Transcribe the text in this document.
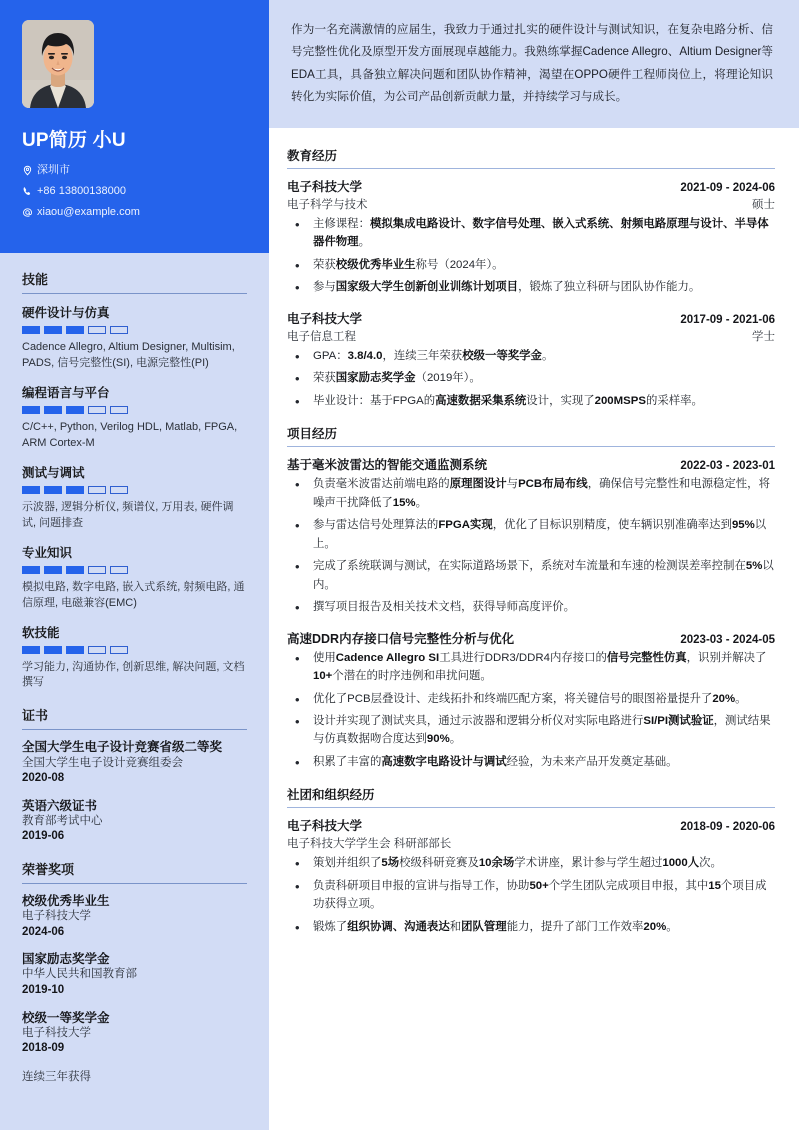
UP简历 小U
深圳市
+86 13800138000
xiaou@example.com
技能
硬件设计与仿真
Cadence Allegro, Altium Designer, Multisim, PADS, 信号完整性(SI), 电源完整性(PI)
编程语言与平台
C/C++, Python, Verilog HDL, Matlab, FPGA, ARM Cortex-M
测试与调试
示波器, 逻辑分析仪, 频谱仪, 万用表, 硬件调试, 问题排查
专业知识
模拟电路, 数字电路, 嵌入式系统, 射频电路, 通信原理, 电磁兼容(EMC)
软技能
学习能力, 沟通协作, 创新思维, 解决问题, 文档撰写
证书
全国大学生电子设计竞赛省级二等奖
全国大学生电子设计竞赛组委会
2020-08
英语六级证书
教育部考试中心
2019-06
荣誉奖项
校级优秀毕业生
电子科技大学
2024-06
国家励志奖学金
中华人民共和国教育部
2019-10
校级一等奖学金
电子科技大学
2018-09
连续三年获得
作为一名充满激情的应届生，我致力于通过扎实的硬件设计与测试知识，在复杂电路分析、信号完整性优化及原型开发方面展现卓越能力。我熟练掌握Cadence Allegro、Altium Designer等EDA工具，具备独立解决问题和团队协作精神，渴望在OPPO硬件工程师岗位上，将理论知识转化为实际价值，为公司产品创新贡献力量，并持续学习与成长。
教育经历
电子科技大学	2021-09 - 2024-06
电子科学与技术	硕士
• 主修课程：模拟集成电路设计、数字信号处理、嵌入式系统、射频电路原理与设计、半导体器件物理。
• 荣获校级优秀毕业生称号（2024年）。
• 参与国家级大学生创新创业训练计划项目，锻炼了独立科研与团队协作能力。
电子科技大学	2017-09 - 2021-06
电子信息工程	学士
• GPA：3.8/4.0，连续三年荣获校级一等奖学金。
• 荣获国家励志奖学金（2019年）。
• 毕业设计：基于FPGA的高速数据采集系统设计，实现了200MSPS的采样率。
项目经历
基于毫米波雷达的智能交通监测系统	2022-03 - 2023-01
• 负责毫米波雷达前端电路的原理图设计与PCB布局布线，确保信号完整性和电源稳定性，将噪声干扰降低了15%。
• 参与雷达信号处理算法的FPGA实现，优化了目标识别精度，使车辆识别准确率达到95%以上。
• 完成了系统联调与测试，在实际道路场景下，系统对车流量和车速的检测误差率控制在5%以内。
• 撰写项目报告及相关技术文档，获得导师高度评价。
高速DDR内存接口信号完整性分析与优化	2023-03 - 2024-05
• 使用Cadence Allegro SI工具进行DDR3/DDR4内存接口的信号完整性仿真，识别并解决了10+个潜在的时序违例和串扰问题。
• 优化了PCB层叠设计、走线拓扑和终端匹配方案，将关键信号的眼图裕量提升了20%。
• 设计并实现了测试夹具，通过示波器和逻辑分析仪对实际电路进行SI/PI测试验证，测试结果与仿真数据吻合度达到90%。
• 积累了丰富的高速数字电路设计与调试经验，为未来产品开发奠定基础。
社团和组织经历
电子科技大学	2018-09 - 2020-06
电子科技大学学生会 科研部部长
• 策划并组织了5场校级科研竞赛及10余场学术讲座，累计参与学生超过1000人次。
• 负责科研项目申报的宣讲与指导工作，协助50+个学生团队完成项目申报，其中15个项目成功获得立项。
• 锻炼了组织协调、沟通表达和团队管理能力，提升了部门工作效率20%。
